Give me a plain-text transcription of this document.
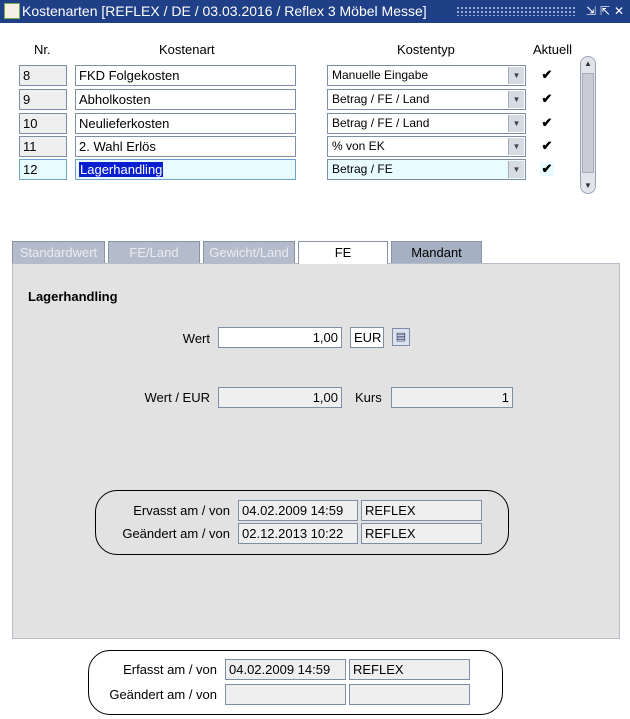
Kostenarten [REFLEX / DE / 03.03.2016 / Reflex 3 Möbel Messe]	⇲ ⇱ ✕
Nr.	Kostenart	Kostentyp	Aktuell
8	FKD Folgekosten	Manuelle Eingabe	▼ ✔
9	Abholkosten	Betrag / FE / Land	▼ ✔
10	Neulieferkosten	Betrag / FE / Land	▼ ✔
11	2. Wahl Erlös	% von EK	▼ ✔
12	Lagerhandling	Betrag / FE	▼ ✔
▲
▼
Standardwert	FE/Land	Gewicht/Land	FE	Mandant
Lagerhandling
Wert	1,00	EUR	▤
Wert / EUR	1,00	Kurs	1
Ervasst am / von 04.02.2009 14:59	REFLEX
Geändert am / von 02.12.2013 10:22	REFLEX
Erfasst am / von 04.02.2009 14:59	REFLEX
Geändert am / von
